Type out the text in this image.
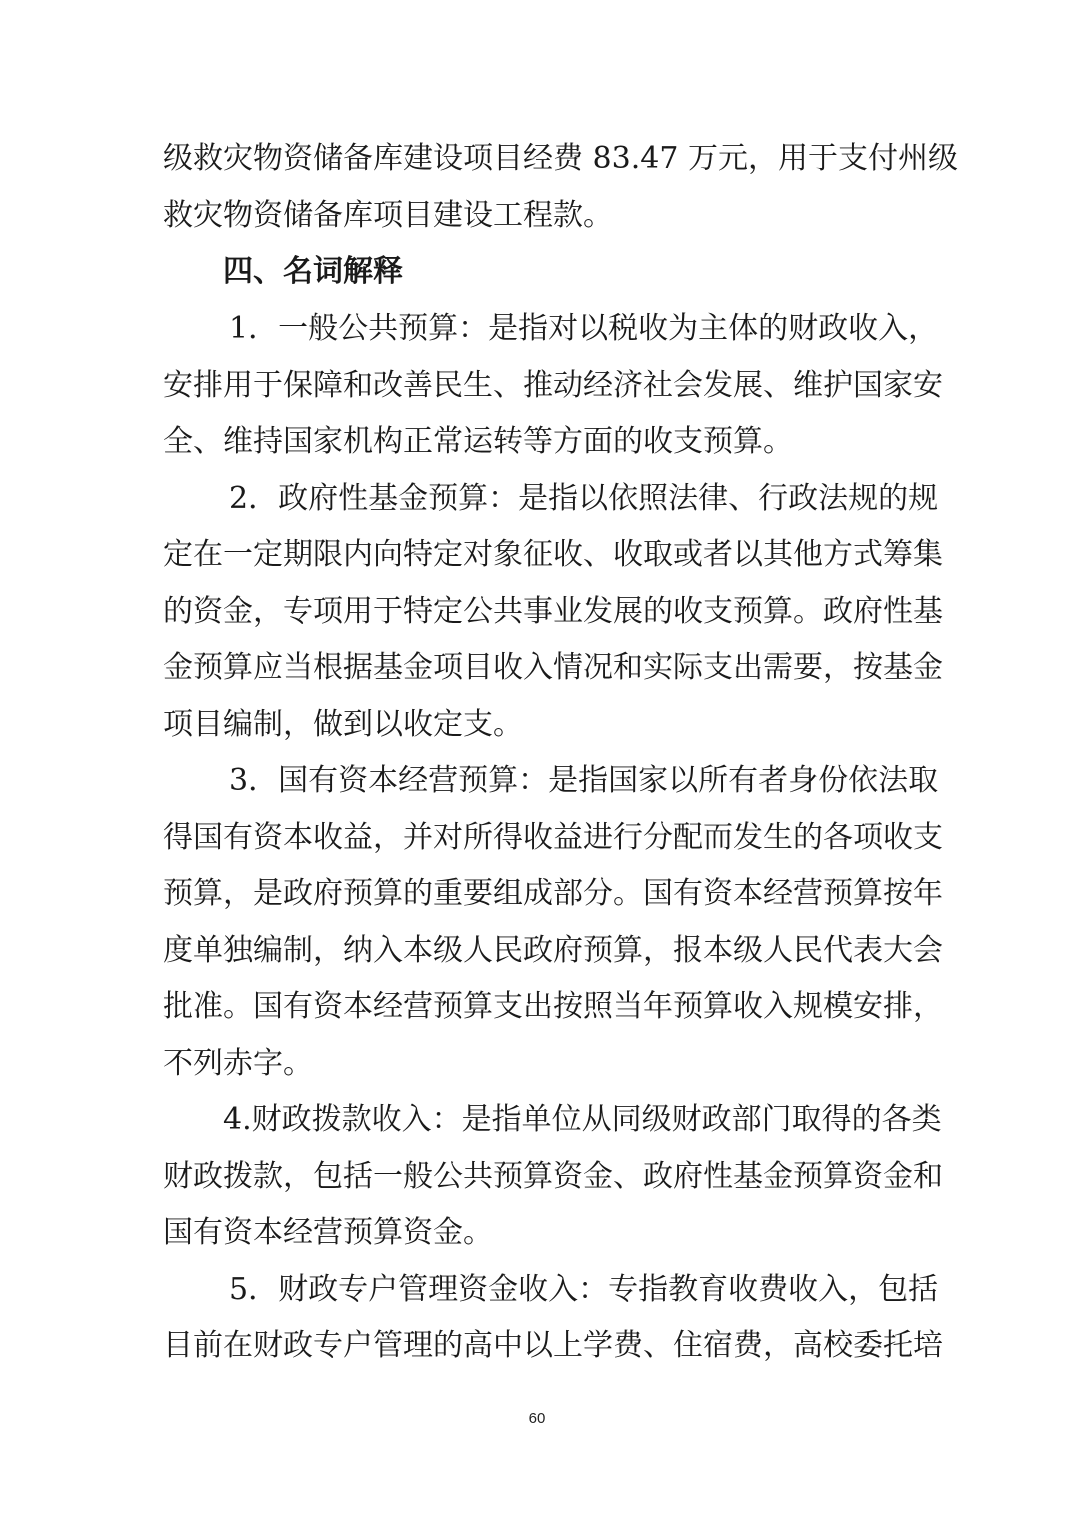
级救灾物资储备库建设项目经费 83.47 万元，用于支付州级
救灾物资储备库项目建设工程款。
四、名词解释
1．一般公共预算：是指对以税收为主体的财政收入，
安排用于保障和改善民生、推动经济社会发展、维护国家安
全、维持国家机构正常运转等方面的收支预算。
2．政府性基金预算：是指以依照法律、行政法规的规
定在一定期限内向特定对象征收、收取或者以其他方式筹集
的资金，专项用于特定公共事业发展的收支预算。政府性基
金预算应当根据基金项目收入情况和实际支出需要，按基金
项目编制，做到以收定支。
3．国有资本经营预算：是指国家以所有者身份依法取
得国有资本收益，并对所得收益进行分配而发生的各项收支
预算，是政府预算的重要组成部分。国有资本经营预算按年
度单独编制，纳入本级人民政府预算，报本级人民代表大会
批准。国有资本经营预算支出按照当年预算收入规模安排，
不列赤字。
4.财政拨款收入：是指单位从同级财政部门取得的各类
财政拨款，包括一般公共预算资金、政府性基金预算资金和
国有资本经营预算资金。
5．财政专户管理资金收入：专指教育收费收入，包括
目前在财政专户管理的高中以上学费、住宿费，高校委托培
60
